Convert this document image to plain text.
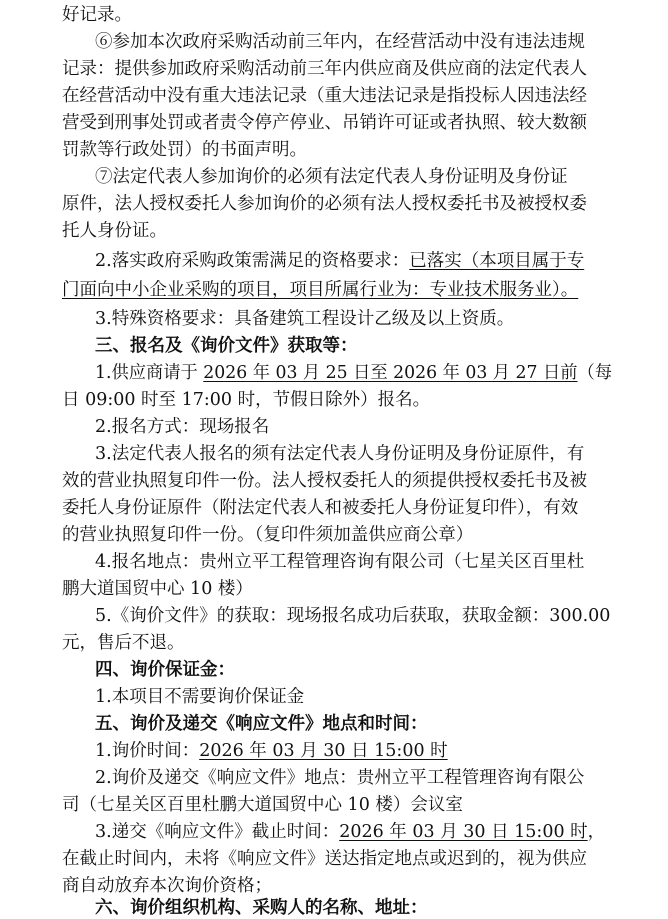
好记录。
⑥参加本次政府采购活动前三年内，在经营活动中没有违法违规
记录：提供参加政府采购活动前三年内供应商及供应商的法定代表人
在经营活动中没有重大违法记录（重大违法记录是指投标人因违法经
营受到刑事处罚或者责令停产停业、吊销许可证或者执照、较大数额
罚款等行政处罚）的书面声明。
⑦法定代表人参加询价的必须有法定代表人身份证明及身份证
原件，法人授权委托人参加询价的必须有法人授权委托书及被授权委
托人身份证。
2.落实政府采购政策需满足的资格要求：已落实（本项目属于专
门面向中小企业采购的项目，项目所属行业为：专业技术服务业）。
3.特殊资格要求：具备建筑工程设计乙级及以上资质。
三、报名及《询价文件》获取等：
1.供应商请于 2026 年 03 月 25 日至 2026 年 03 月 27 日前（每
日 09:00 时至 17:00 时，节假日除外）报名。
2.报名方式：现场报名
3.法定代表人报名的须有法定代表人身份证明及身份证原件，有
效的营业执照复印件一份。法人授权委托人的须提供授权委托书及被
委托人身份证原件（附法定代表人和被委托人身份证复印件），有效
的营业执照复印件一份。（复印件须加盖供应商公章）
4.报名地点：贵州立平工程管理咨询有限公司（七星关区百里杜
鹏大道国贸中心 10 楼）
5.《询价文件》的获取：现场报名成功后获取，获取金额：300.00
元，售后不退。
四、询价保证金：
1.本项目不需要询价保证金
五、询价及递交《响应文件》地点和时间：
1.询价时间：2026 年 03 月 30 日 15:00 时
2.询价及递交《响应文件》地点：贵州立平工程管理咨询有限公
司（七星关区百里杜鹏大道国贸中心 10 楼）会议室
3.递交《响应文件》截止时间：2026 年 03 月 30 日 15:00 时，
在截止时间内，未将《响应文件》送达指定地点或迟到的，视为供应
商自动放弃本次询价资格；
六、询价组织机构、采购人的名称、地址：
